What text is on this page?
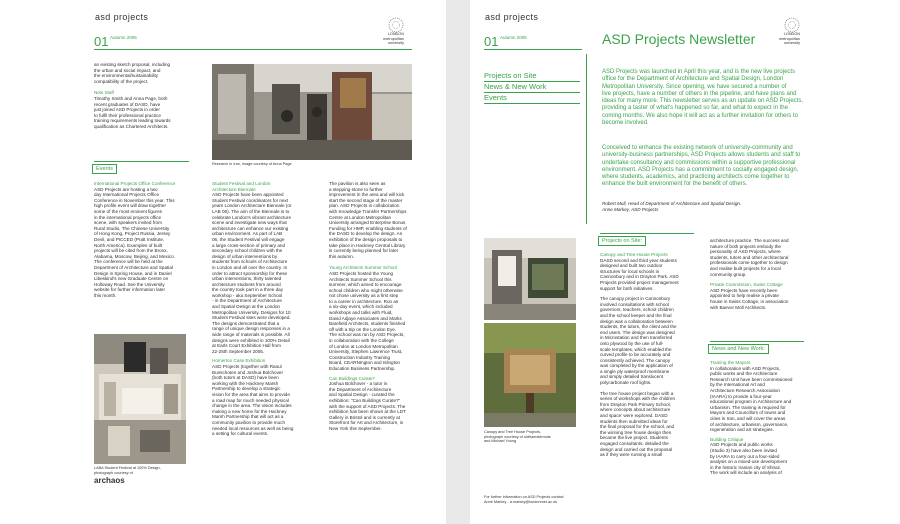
asd projects
01 Autumn 2005
LONDON
metropolitan
university
an existing sketch proposal, including
the urban and social impact, and
the environmental/sustainability
compatibility of the project.
New Staff
Timothy Smith and Anna Page, both
recent graduates of DASD, have
just joined ASD Projects in order
to fulfil their professional practice
training requirements leading towards
qualification as Chartered Architects.
Events
International Projects Office Conference
ASD Projects are hosting a two
day International Projects Office
Conference in November this year. This
high profile event will draw together
some of the most eminent figures
in the international projects office
scene, with speakers invited from
Rural Studio, The Chinese University
of Hong Kong, Project Russia, Jersey
Devil, and PICCED (Pratt Institute,
North America). Examples of built
projects will be cited from the Bronx,
Alabama, Moscow, Beijing, and Mexico.
The conference will be held at the
Department of Architecture and Spatial
Design in Spring House, and in Daniel
Libeskind's new Graduate Centre on
Holloway Road. See the University
website for further information later
this month.
LABA Student Festival at 100% Design,
photograph courtesy of
archaos
Research in Iran, image courtesy of Anna Page
Student Festival and London
Architecture Biennale
ASD Projects have been appointed
Student Festival coordinators for next
years London Architecture Biennale (or
LAB 06). The aim of the Biennale is to
celebrate London's vibrant architecture
scene and investigate new ways that
architecture can enhance our existing
urban environment. As part of LAB
06, the Student Festival will engage
a large cross-section of primary and
secondary school children with the
design of urban interventions by
students from schools of Architecture
in London and all over the country. In
order to attract sponsorship for these
urban interventions, thirty talented
architecture students from around
the country took part in a three day
workshop - aka September School
- in the Department of Architecture
and Spatial Design at the London
Metropolitan University. Designs for 10
Student Festival sites were developed.
The designs demonstrated that a
range of unique design responses in a
wide range of materials is possible. All
designs were exhibited in 100% Detail
at Earls Court Exhibition Hall from
22-25th September 2005.
Homerton Case Exhibition
ASD Projects (together with Raoul
Bunschoten and Joshua Bolchover
(both tutors at DASD) have been
working with the Hackney Marsh
Partnership to develop a strategic
vision for the area that aims to provide
a road map for much needed physical
change in the area. The vision includes
making a new home for the Hackney
Marsh Partnership that will act as a
community pavilion to provide much
needed local resources as well as being
a setting for cultural events.
The pavilion is also seen as
a stepping-stone to further
improvement in the area and will kick
start the second stage of the master
plan. ASD Projects in collaboration
with Knowledge Transfer Partnerships
Centre at London Metropolitan
University arranged Enterprise Bonus
Funding for HMP, enabling students of
the DASD to develop the design. An
exhibition of the design proposals to
take place in Hackney Central Library
is currently being planned for later
this autumn.
Young Architects Summer School
ASD Projects hosted the Young
Architects Summer School this
summer, which aimed to encourage
school children who might otherwise
not chose university as a first step
to a career in architecture. Run as
a six-day event, which included
workshops and talks with Fluid,
David Adjaye Associates and Marks
Barefield Architects, students finished
off with a trip on the London Eye.
The school was run by ASD Projects,
in collaboration with the College
of London at London Metropolitan
University, Stephen Lawrence Trust,
Construction Industry Training
Board, CEARNIngton and Islington
Education Business Partnership.
Can Buildings Curate?
Joshua Bolchover - a tutor in
the Department of Architecture
and Spatial Design - curated the
exhibition: "Can Buildings Curate?"
with the support of ASD Projects. The
exhibition has been shown at the LDT
Gallery in Bristol and is currently at
Storefront for Art and Architecture, in
New York this September.
asd projects
01 Autumn 2005	ASD Projects Newsletter	LONDON
metropolitan
university
Projects on Site
News & New Work
Events
ASD Projects was launched in April this year, and is the new live projects
office for the Department of Architecture and Spatial Design, London
Metropolitan University. Since opening, we have secured a number of
live projects, have a number of others in the pipeline, and have plans and
ideas for many more. This newsletter serves as an update on ASD Projects,
providing a taster of what's happened so far, and what to expect in the
coming months. We also hope it will act as a further invitation for others to
become involved.
Conceived to enhance the existing network of university-community and
university-business partnerships, ASD Projects allows students and staff to
undertake consultancy and commissions within a supportive professional
environment. ASD Projects has a commitment to socially engaged design,
where students, academics, and practicing architects come together to
enhance the built environment for the benefit of others.
Robert Mull, Head of Department of Architecture and Spatial Design.
Anne Markey, ASD Projects
Canopy and Tree House Projects,
photograph courtesy of oldhamsbirmots
and Michael Young
For further information on ASD Projects contact
Anne Markey - a.markey@londonmet.ac.uk
Projects on Site:
Canopy and Tree House Projects
DASD second and third year students
designed and built two outdoor
structures for local schools in
Cannonbury and in Drayton Park. ASD
Projects provided project management
support for both initiatives.
The canopy project in Cannonbury
involved consultations with school
governors, teachers, school children
and the school keeper and the final
design was a collaboration between
students, the tutors, the client and the
end users. The design was designed
in Microstation and then transferred
onto plywood by the use of full-
scale templates, which enabled the
curved profile to be accurately and
consistently achieved. The canopy
was completed by the application of
a single ply waterproof membrane
and simply detailed translucent
polycarbonate roof lights.
The tree house project began with a
series of workshops with the children
from Drayton Park Primary School,
where concepts about architecture
and space' were explored. DASD
students then submitted ideas for
the final proposal for the school, and
the winning tree house design then
became the live project. Students
engaged consultants, detailed the
design and carried out the proposal
as if they were running a small
architecture practice. The success and
nature of both projects embody the
personality of ASD Projects, where
students, tutors and other architectural
professionals come together to design
and realise built projects for a local
community group.
Private Commission, Swiss Cottage
ASD Projects have recently been
appointed to help realise a private
house in Swiss Cottage, in association
with Baevor Moll Architects.
News and New Work:
Training the Mayors
In collaboration with ASD Projects,
public works and the Architecture
Research Unit have been commissioned
by the International Art and
Architecture Research Association
(IAARA) to provide a four-year
educational program in Architecture and
Urbanism. The training is required for
Mayors and Councillors of towns and
cities in Iran, and will cover the areas
of architecture, urbanism, governance,
regeneration and art strategies.
Building Critique
ASD Projects and public works
(Studio 3) have also been invited
by IAARA to carry out a four-sided
analysis on a mixed-use development
in the historic Iranian city of Shiraz.
The work will include an analysis of
